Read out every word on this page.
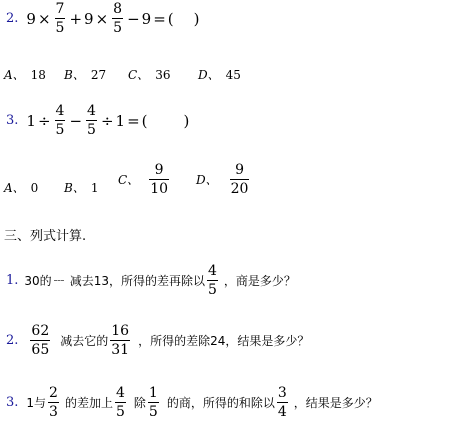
2. $9 \times \frac{7}{5} + 9 \times \frac{8}{5} - 9$ = ( )
A、 18 B、 27 C、 36 D、 45
3. $1 \div \frac{4}{5} - \frac{4}{5} \div 1$ = ( )
A、 0 B、 1
C、 $\frac{9}{10}$ D、 $\frac{9}{20}$
三、列式计算.
1. 30的 减去13，所得的差再除以 $\frac{4}{5}$ ，商是多少？
2. $\frac{62}{65}$ 减去它的 $\frac{16}{31}$ ，所得的差除24，结果是多少？
3. 1与 $\frac{2}{3}$ 的差加上 $\frac{4}{5}$ 除 $\frac{1}{5}$ 的商，所得的和除以 $\frac{3}{4}$ ，结果是多少？
